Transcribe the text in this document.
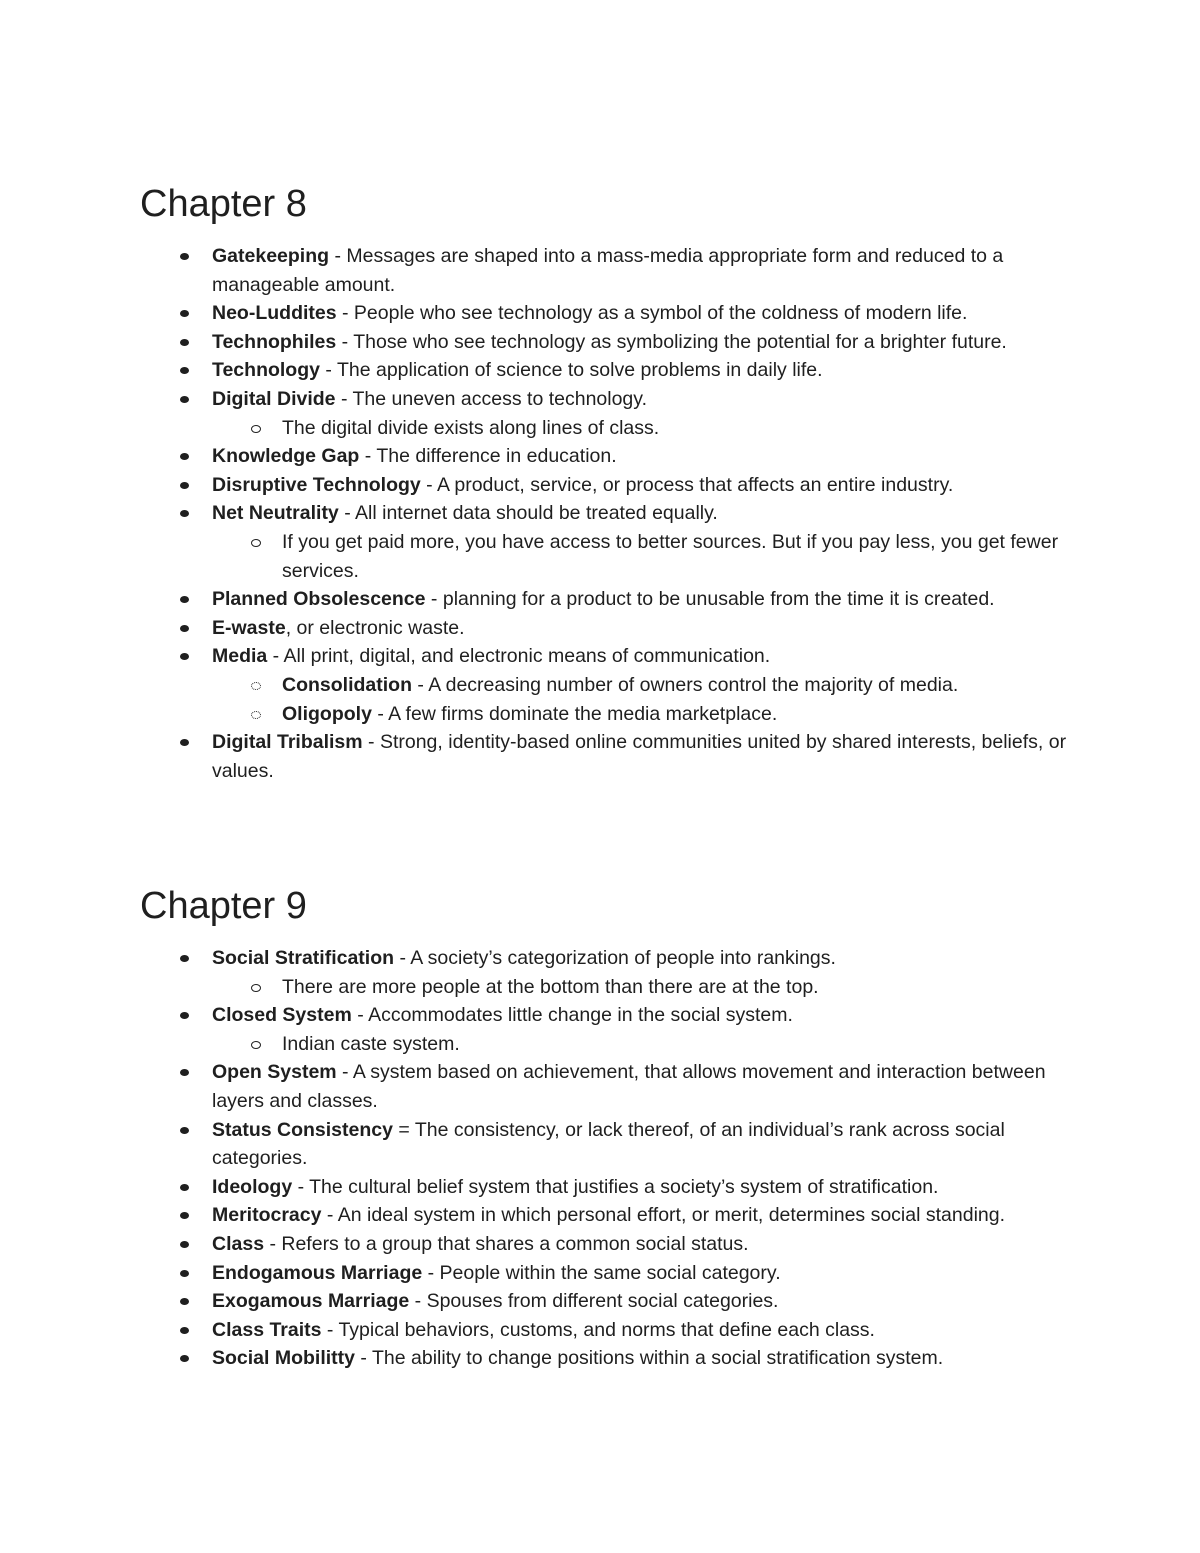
Chapter 8
Gatekeeping - Messages are shaped into a mass-media appropriate form and reduced to a manageable amount.
Neo-Luddites - People who see technology as a symbol of the coldness of modern life.
Technophiles - Those who see technology as symbolizing the potential for a brighter future.
Technology - The application of science to solve problems in daily life.
Digital Divide - The uneven access to technology.
The digital divide exists along lines of class.
Knowledge Gap - The difference in education.
Disruptive Technology - A product, service, or process that affects an entire industry.
Net Neutrality - All internet data should be treated equally.
If you get paid more, you have access to better sources. But if you pay less, you get fewer services.
Planned Obsolescence - planning for a product to be unusable from the time it is created.
E-waste, or electronic waste.
Media - All print, digital, and electronic means of communication.
Consolidation - A decreasing number of owners control the majority of media.
Oligopoly - A few firms dominate the media marketplace.
Digital Tribalism - Strong, identity-based online communities united by shared interests, beliefs, or values.
Chapter 9
Social Stratification - A society’s categorization of people into rankings.
There are more people at the bottom than there are at the top.
Closed System - Accommodates little change in the social system.
Indian caste system.
Open System - A system based on achievement, that allows movement and interaction between layers and classes.
Status Consistency = The consistency, or lack thereof, of an individual’s rank across social categories.
Ideology - The cultural belief system that justifies a society’s system of stratification.
Meritocracy - An ideal system in which personal effort, or merit, determines social standing.
Class - Refers to a group that shares a common social status.
Endogamous Marriage - People within the same social category.
Exogamous Marriage - Spouses from different social categories.
Class Traits - Typical behaviors, customs, and norms that define each class.
Social Mobilitty - The ability to change positions within a social stratification system.
